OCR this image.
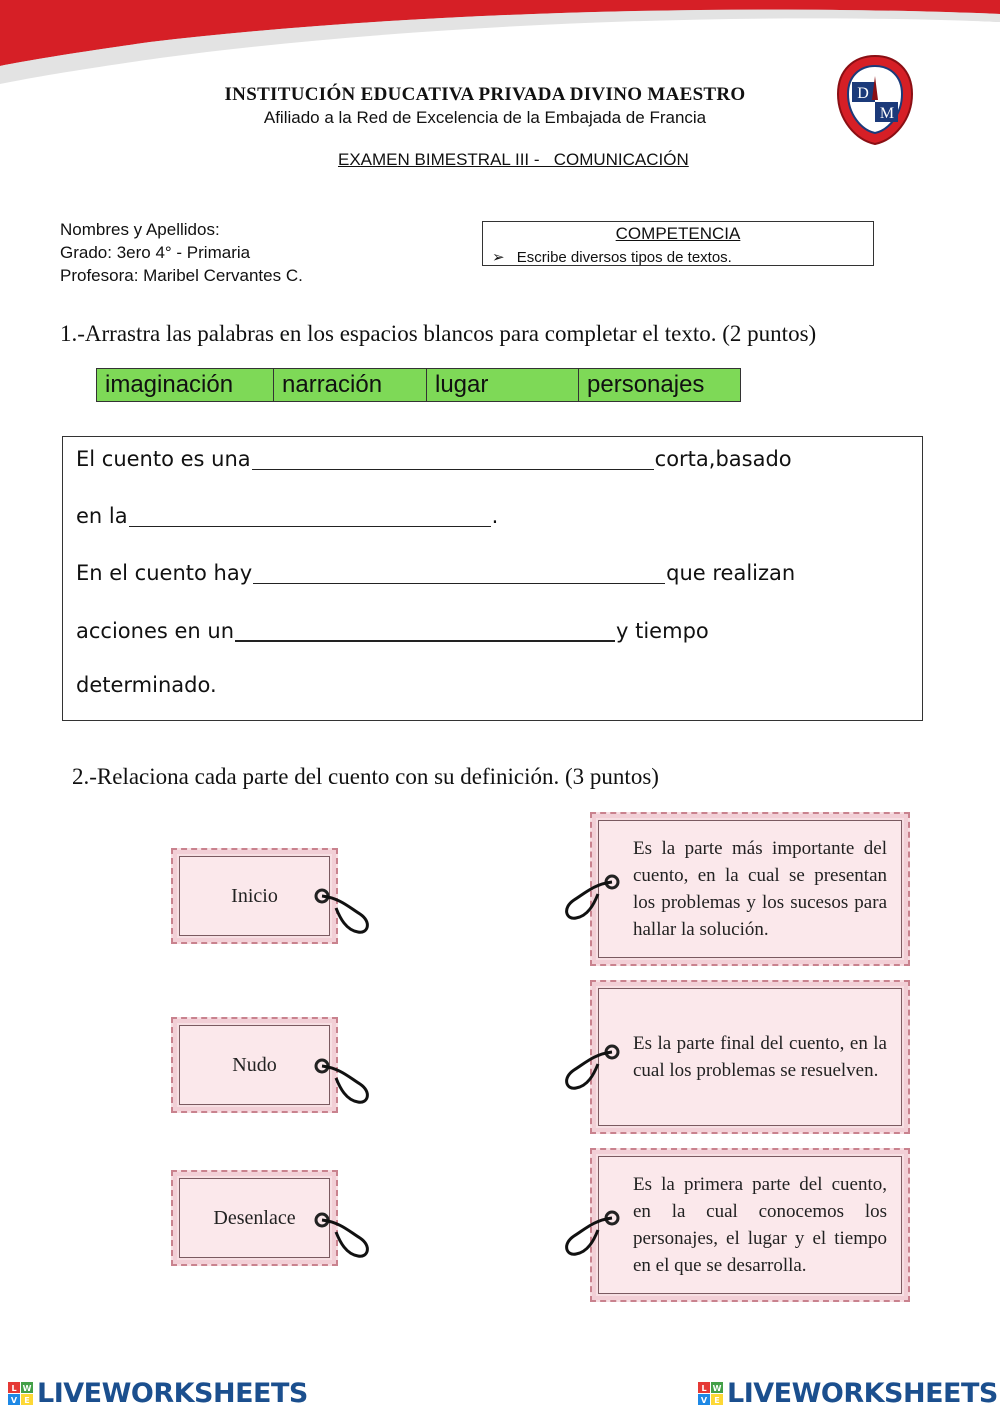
INSTITUCIÓN EDUCATIVA PRIVADA DIVINO MAESTRO
Afiliado a la Red de Excelencia de la Embajada de Francia
D
M
EXAMEN BIMESTRAL III -   COMUNICACIÓN
Nombres y Apellidos:
Grado: 3ero 4° - Primaria
Profesora: Maribel Cervantes C.
COMPETENCIA
➢ Escribe diversos tipos de textos.
1.-Arrastra las palabras en los espacios blancos para completar el texto. (2 puntos)
imaginación	narración	lugar	personajes
El cuento es una	corta,basado
en la	.
En el cuento hay	que realizan
acciones en un	y tiempo
determinado.
2.-Relaciona cada parte del cuento con su definición. (3 puntos)
Inicio
Nudo
Desenlace
Es la parte más importante del cuento, en la cual se presentan los problemas y los sucesos para hallar la solución.
Es la parte final del cuento, en la cual los problemas se resuelven.
Es la primera parte del cuento, en la cual conocemos los personajes, el lugar y el tiempo en el que se desarrolla.
L W
V E LIVEWORKSHEETS	L W
V E LIVEWORKSHEETS
